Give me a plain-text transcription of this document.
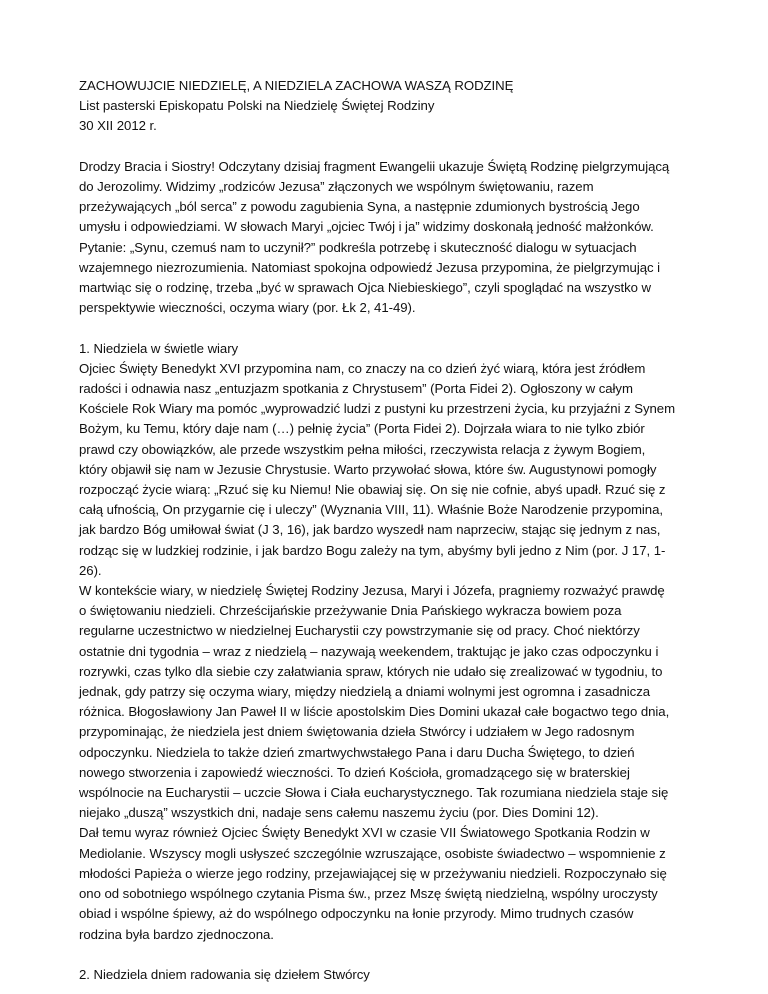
ZACHOWUJCIE NIEDZIELĘ, A NIEDZIELA ZACHOWA WASZĄ RODZINĘ

List pasterski Episkopatu Polski na Niedzielę Świętej Rodziny

30 XII 2012 r.

Drodzy Bracia i Siostry! Odczytany dzisiaj fragment Ewangelii ukazuje Świętą Rodzinę pielgrzymującą

do Jerozolimy. Widzimy „rodziców Jezusa” złączonych we wspólnym świętowaniu, razem

przeżywających „ból serca” z powodu zagubienia Syna, a następnie zdumionych bystrością Jego

umysłu i odpowiedziami. W słowach Maryi „ojciec Twój i ja” widzimy doskonałą jedność małżonków.

Pytanie: „Synu, czemuś nam to uczynił?” podkreśla potrzebę i skuteczność dialogu w sytuacjach

wzajemnego niezrozumienia. Natomiast spokojna odpowiedź Jezusa przypomina, że pielgrzymując i

martwiąc się o rodzinę, trzeba „być w sprawach Ojca Niebieskiego”, czyli spoglądać na wszystko w

perspektywie wieczności, oczyma wiary (por. Łk 2, 41-49).

1. Niedziela w świetle wiary

Ojciec Święty Benedykt XVI przypomina nam, co znaczy na co dzień żyć wiarą, która jest źródłem

radości i odnawia nasz „entuzjazm spotkania z Chrystusem” (Porta Fidei 2). Ogłoszony w całym

Kościele Rok Wiary ma pomóc „wyprowadzić ludzi z pustyni ku przestrzeni życia, ku przyjaźni z Synem

Bożym, ku Temu, który daje nam (…) pełnię życia” (Porta Fidei 2). Dojrzała wiara to nie tylko zbiór

prawd czy obowiązków, ale przede wszystkim pełna miłości, rzeczywista relacja z żywym Bogiem,

który objawił się nam w Jezusie Chrystusie. Warto przywołać słowa, które św. Augustynowi pomogły

rozpocząć życie wiarą: „Rzuć się ku Niemu! Nie obawiaj się. On się nie cofnie, abyś upadł. Rzuć się z

całą ufnością, On przygarnie cię i uleczy” (Wyznania VIII, 11). Właśnie Boże Narodzenie przypomina,

jak bardzo Bóg umiłował świat (J 3, 16), jak bardzo wyszedł nam naprzeciw, stając się jednym z nas,

rodząc się w ludzkiej rodzinie, i jak bardzo Bogu zależy na tym, abyśmy byli jedno z Nim (por. J 17, 1-

26).

W kontekście wiary, w niedzielę Świętej Rodziny Jezusa, Maryi i Józefa, pragniemy rozważyć prawdę

o świętowaniu niedzieli. Chrześcijańskie przeżywanie Dnia Pańskiego wykracza bowiem poza

regularne uczestnictwo w niedzielnej Eucharystii czy powstrzymanie się od pracy. Choć niektórzy

ostatnie dni tygodnia – wraz z niedzielą – nazywają weekendem, traktując je jako czas odpoczynku i

rozrywki, czas tylko dla siebie czy załatwiania spraw, których nie udało się zrealizować w tygodniu, to

jednak, gdy patrzy się oczyma wiary, między niedzielą a dniami wolnymi jest ogromna i zasadnicza

różnica. Błogosławiony Jan Paweł II w liście apostolskim Dies Domini ukazał całe bogactwo tego dnia,

przypominając, że niedziela jest dniem świętowania dzieła Stwórcy i udziałem w Jego radosnym

odpoczynku. Niedziela to także dzień zmartwychwstałego Pana i daru Ducha Świętego, to dzień

nowego stworzenia i zapowiedź wieczności. To dzień Kościoła, gromadzącego się w braterskiej

wspólnocie na Eucharystii – uczcie Słowa i Ciała eucharystycznego. Tak rozumiana niedziela staje się

niejako „duszą” wszystkich dni, nadaje sens całemu naszemu życiu (por. Dies Domini 12).

Dał temu wyraz również Ojciec Święty Benedykt XVI w czasie VII Światowego Spotkania Rodzin w

Mediolanie. Wszyscy mogli usłyszeć szczególnie wzruszające, osobiste świadectwo – wspomnienie z

młodości Papieża o wierze jego rodziny, przejawiającej się w przeżywaniu niedzieli. Rozpoczynało się

ono od sobotniego wspólnego czytania Pisma św., przez Mszę świętą niedzielną, wspólny uroczysty

obiad i wspólne śpiewy, aż do wspólnego odpoczynku na łonie przyrody. Mimo trudnych czasów

rodzina była bardzo zjednoczona.

2. Niedziela dniem radowania się dziełem Stwórcy
